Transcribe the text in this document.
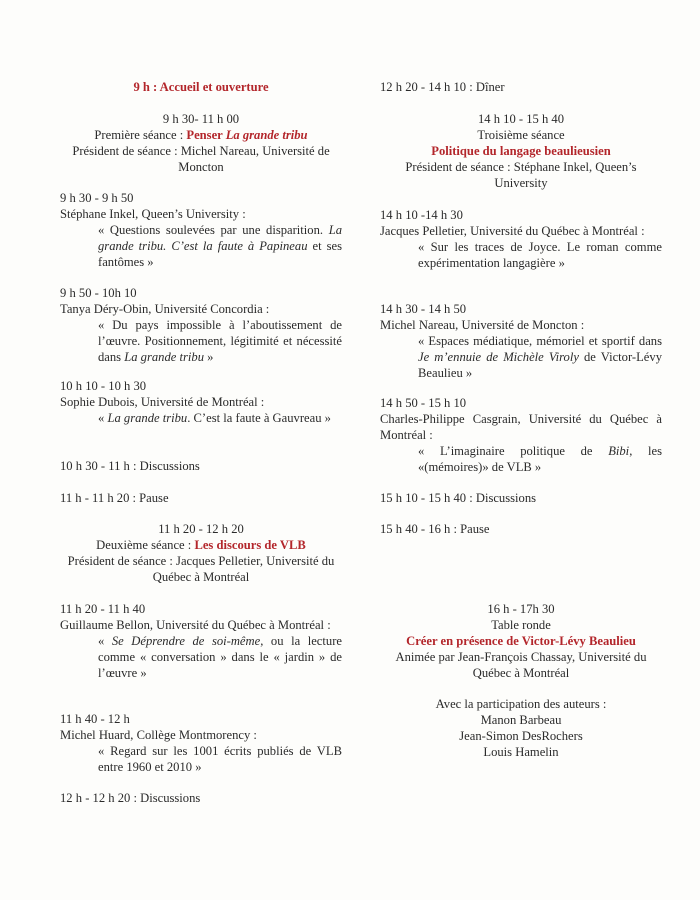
9 h : Accueil et ouverture
9 h 30- 11 h 00
Première séance : Penser La grande tribu
Président de séance : Michel Nareau, Université de Moncton
9 h 30 - 9 h 50
Stéphane Inkel, Queen’s University :
« Questions soulevées par une disparition. La grande tribu. C’est la faute à Papineau et ses fantômes »
9 h 50 - 10h 10
Tanya Déry-Obin, Université Concordia :
« Du pays impossible à l’aboutissement de l’œuvre. Positionnement, légitimité et nécessité dans La grande tribu »
10 h 10 - 10 h 30
Sophie Dubois, Université de Montréal :
« La grande tribu. C’est la faute à Gauvreau »
10 h 30 - 11 h : Discussions
11 h - 11 h 20 : Pause
11 h 20 - 12 h 20
Deuxième séance : Les discours de VLB
Président de séance : Jacques Pelletier, Université du Québec à Montréal
11 h 20 - 11 h 40
Guillaume Bellon, Université du Québec à Montréal :
« Se Déprendre de soi-même, ou la lecture comme « conversation » dans le « jardin » de l’œuvre »
11 h 40 - 12 h
Michel Huard, Collège Montmorency :
« Regard sur les 1001 écrits publiés de VLB entre 1960 et 2010 »
12 h - 12 h 20 : Discussions
12 h 20 - 14 h 10 : Dîner
14 h 10 - 15 h 40
Troisième séance
Politique du langage beaulieusien
Président de séance : Stéphane Inkel, Queen’s University
14 h 10 -14 h 30
Jacques Pelletier, Université du Québec à Montréal :
« Sur les traces de Joyce. Le roman comme expérimentation langagière »
14 h 30 - 14 h 50
Michel Nareau, Université de Moncton :
« Espaces médiatique, mémoriel et sportif dans Je m’ennuie de Michèle Viroly de Victor-Lévy Beaulieu »
14 h 50 - 15 h 10
Charles-Philippe Casgrain, Université du Québec à Montréal :
« L’imaginaire politique de Bibi, les «(mémoires)» de VLB »
15 h 10 - 15 h 40 : Discussions
15 h 40 - 16 h : Pause
16 h - 17h 30
Table ronde
Créer en présence de Victor-Lévy Beaulieu
Animée par Jean-François Chassay, Université du Québec à Montréal
Avec la participation des auteurs :
Manon Barbeau
Jean-Simon DesRochers
Louis Hamelin
